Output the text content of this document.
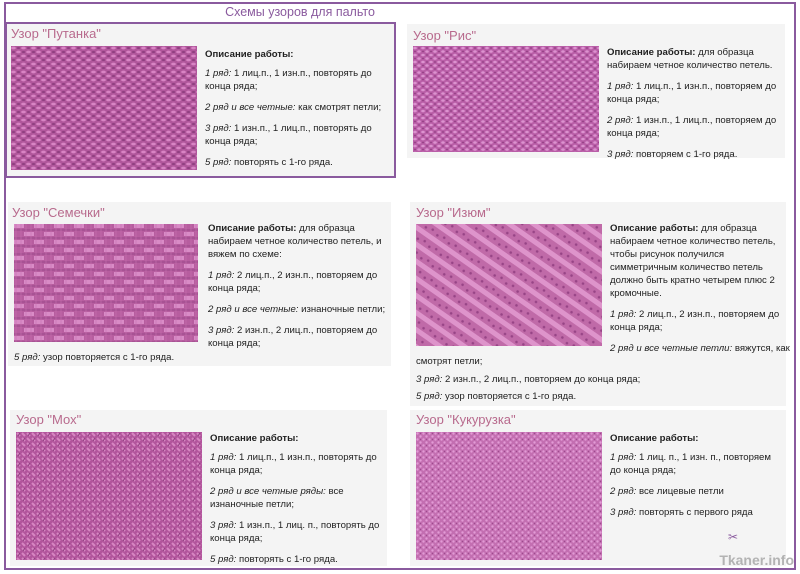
Схемы узоров для пальто
Узор "Путанка"
Описание работы:

1 ряд: 1 лиц.п., 1 изн.п., повторять до конца ряда;

2 ряд и все четные: как смотрят петли;

3 ряд: 1 изн.п., 1 лиц.п., повторять до конца ряда;

5 ряд: повторять с 1-го ряда.

Узор "Рис"

Описание работы: для образца набираем четное количество петель.

1 ряд: 1 лиц.п., 1 изн.п., повторяем до конца ряда;

2 ряд: 1 изн.п., 1 лиц.п., повторяем до конца ряда;

3 ряд: повторяем с 1-го ряда.

Узор "Семечки"

Описание работы: для образца набираем четное количество петель, и вяжем по схеме:

1 ряд: 2 лиц.п., 2 изн.п., повторяем до конца ряда;

2 ряд и все четные: изнаночные петли;

3 ряд: 2 изн.п., 2 лиц.п., повторяем до конца ряда;

5 ряд: узор повторяется с 1-го ряда.
Узор "Изюм"

Описание работы: для образца набираем четное количество петель, чтобы рисунок получился симметричным количество петель должно быть кратно четырем плюс 2 кромочные.

1 ряд: 2 лиц.п., 2 изн.п., повторяем до конца ряда;

2 ряд и все четные петли: вяжутся, как
смотрят петли;
3 ряд: 2 изн.п., 2 лиц.п., повторяем до конца ряда;
5 ряд: узор повторяется с 1-го ряда.
Узор "Мох"
Описание работы:

1 ряд: 1 лиц.п., 1 изн.п., повторять до конца ряда;

2 ряд и все четные ряды: все изнаночные петли;

3 ряд: 1 изн.п., 1 лиц. п., повторять до конца ряда;

5 ряд: повторять с 1-го ряда.

Узор "Кукурузка"
Описание работы:

1 ряд: 1 лиц. п., 1 изн. п., повторяем до конца ряда;

2 ряд: все лицевые петли

3 ряд: повторять с первого ряда

✂
Tkaner.info
